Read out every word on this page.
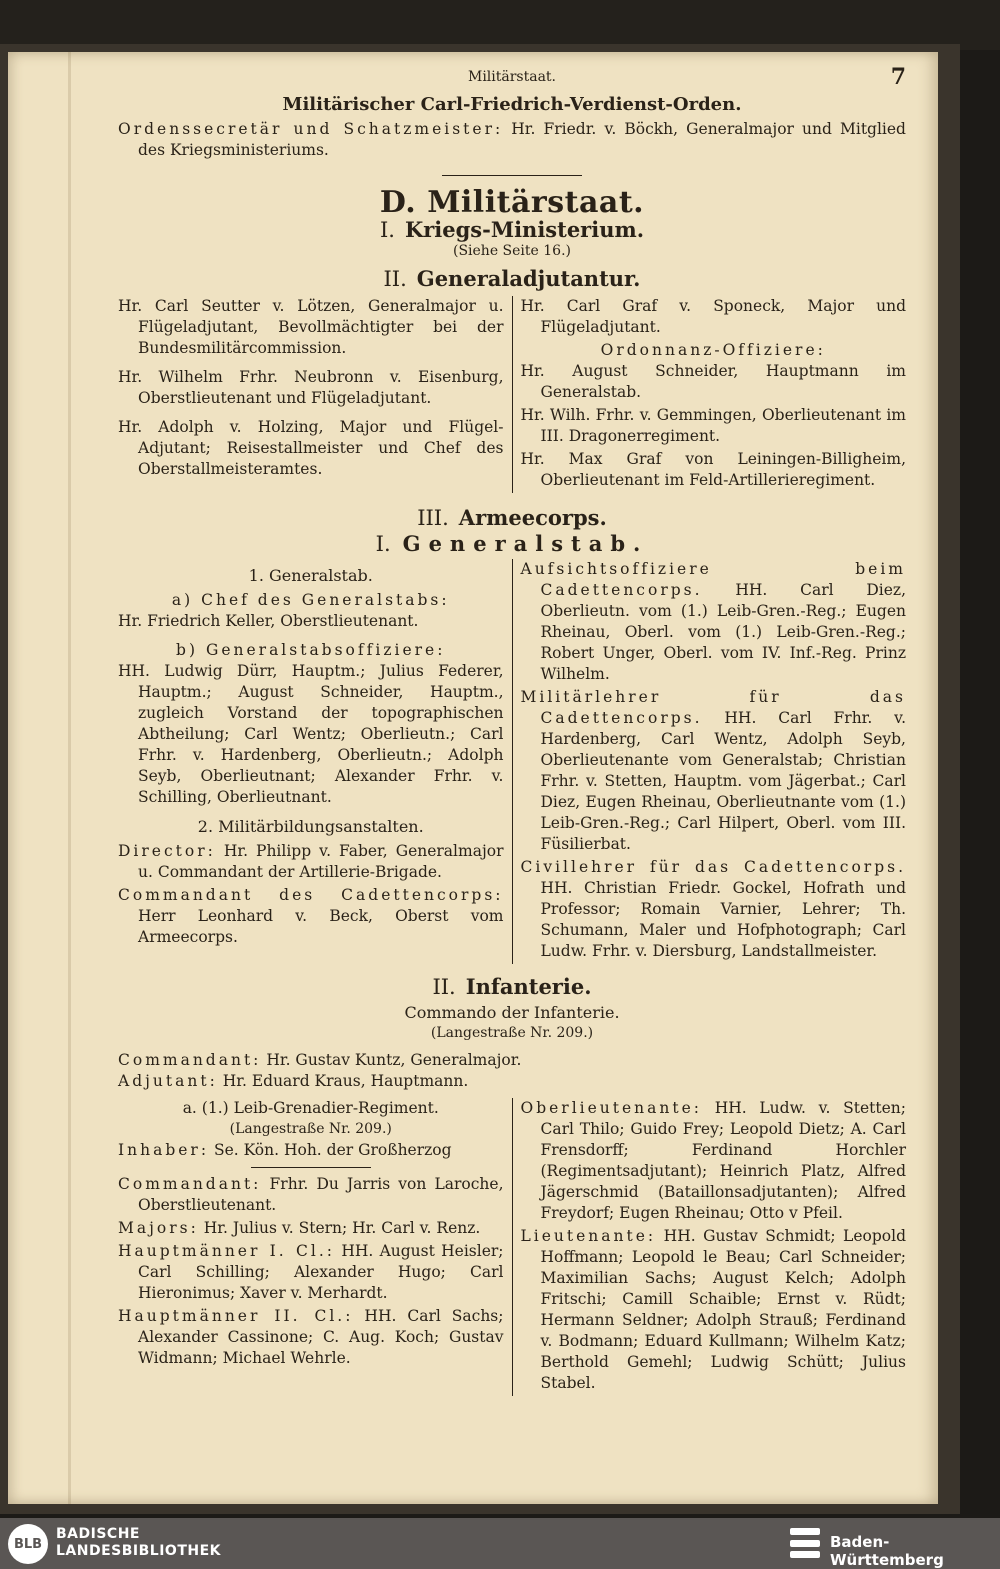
Militärstaat.	7
Militärischer Carl-Friedrich-Verdienst-Orden.

Ordenssecretär und Schatzmeister: Hr. Friedr. v. Böckh, Generalmajor und Mitglied des Kriegsministeriums.

D. Militärstaat.
I. Kriegs-Ministerium.
(Siehe Seite 16.)
II. Generaladjutantur.

Hr. Carl Seutter v. Lötzen, Generalmajor u. Flügeladjutant, Bevollmächtigter bei der Bundesmilitärcommission.

Hr. Wilhelm Frhr. Neubronn v. Eisenburg, Oberstlieutenant und Flügeladjutant.

Hr. Adolph v. Holzing, Major und Flügel-Adjutant; Reisestallmeister und Chef des Oberstallmeisteramtes.

Hr. Carl Graf v. Sponeck, Major und Flügeladjutant.

Ordonnanz-Offiziere:

Hr. August Schneider, Hauptmann im Generalstab.

Hr. Wilh. Frhr. v. Gemmingen, Oberlieutenant im III. Dragonerregiment.

Hr. Max Graf von Leiningen-Billigheim, Oberlieutenant im Feld-Artillerieregiment.

III. Armeecorps.
I. Generalstab.
1. Generalstab.
a) Chef des Generalstabs:

Hr. Friedrich Keller, Oberstlieutenant.

b) Generalstabsoffiziere:

HH. Ludwig Dürr, Hauptm.; Julius Federer, Hauptm.; August Schneider, Hauptm., zugleich Vorstand der topographischen Abtheilung; Carl Wentz; Oberlieutn.; Carl Frhr. v. Hardenberg, Oberlieutn.; Adolph Seyb, Oberlieutnant; Alexander Frhr. v. Schilling, Oberlieutnant.

2. Militärbildungsanstalten.

Director: Hr. Philipp v. Faber, Generalmajor u. Commandant der Artillerie-Brigade.

Commandant des Cadettencorps: Herr Leonhard v. Beck, Oberst vom Armeecorps.

Aufsichtsoffiziere beim Cadettencorps. HH. Carl Diez, Oberlieutn. vom (1.) Leib-Gren.-Reg.; Eugen Rheinau, Oberl. vom (1.) Leib-Gren.-Reg.; Robert Unger, Oberl. vom IV. Inf.-Reg. Prinz Wilhelm.

Militärlehrer für das Cadettencorps. HH. Carl Frhr. v. Hardenberg, Carl Wentz, Adolph Seyb, Oberlieutenante vom Generalstab; Christian Frhr. v. Stetten, Hauptm. vom Jägerbat.; Carl Diez, Eugen Rheinau, Oberlieutnante vom (1.) Leib-Gren.-Reg.; Carl Hilpert, Oberl. vom III. Füsilierbat.

Civillehrer für das Cadettencorps. HH. Christian Friedr. Gockel, Hofrath und Professor; Romain Varnier, Lehrer; Th. Schumann, Maler und Hofphotograph; Carl Ludw. Frhr. v. Diersburg, Landstallmeister.

II. Infanterie.
Commando der Infanterie.
(Langestraße Nr. 209.)

Commandant: Hr. Gustav Kuntz, Generalmajor.

Adjutant: Hr. Eduard Kraus, Hauptmann.

a. (1.) Leib-Grenadier-Regiment.
(Langestraße Nr. 209.)

Inhaber: Se. Kön. Hoh. der Großherzog

Commandant: Frhr. Du Jarris von Laroche, Oberstlieutenant.

Majors: Hr. Julius v. Stern; Hr. Carl v. Renz.

Hauptmänner I. Cl.: HH. August Heisler; Carl Schilling; Alexander Hugo; Carl Hieronimus; Xaver v. Merhardt.

Hauptmänner II. Cl.: HH. Carl Sachs; Alexander Cassinone; C. Aug. Koch; Gustav Widmann; Michael Wehrle.

Oberlieutenante: HH. Ludw. v. Stetten; Carl Thilo; Guido Frey; Leopold Dietz; A. Carl Frensdorff; Ferdinand Horchler (Regimentsadjutant); Heinrich Platz, Alfred Jägerschmid (Bataillonsadjutanten); Alfred Freydorf; Eugen Rheinau; Otto v Pfeil.

Lieutenante: HH. Gustav Schmidt; Leopold Hoffmann; Leopold le Beau; Carl Schneider; Maximilian Sachs; August Kelch; Adolph Fritschi; Camill Schaible; Ernst v. Rüdt; Hermann Seldner; Adolph Strauß; Ferdinand v. Bodmann; Eduard Kullmann; Wilhelm Katz; Berthold Gemehl; Ludwig Schütt; Julius Stabel.

BLB
BADISCHE
LANDESBIBLIOTHEK	Baden-Württemberg
